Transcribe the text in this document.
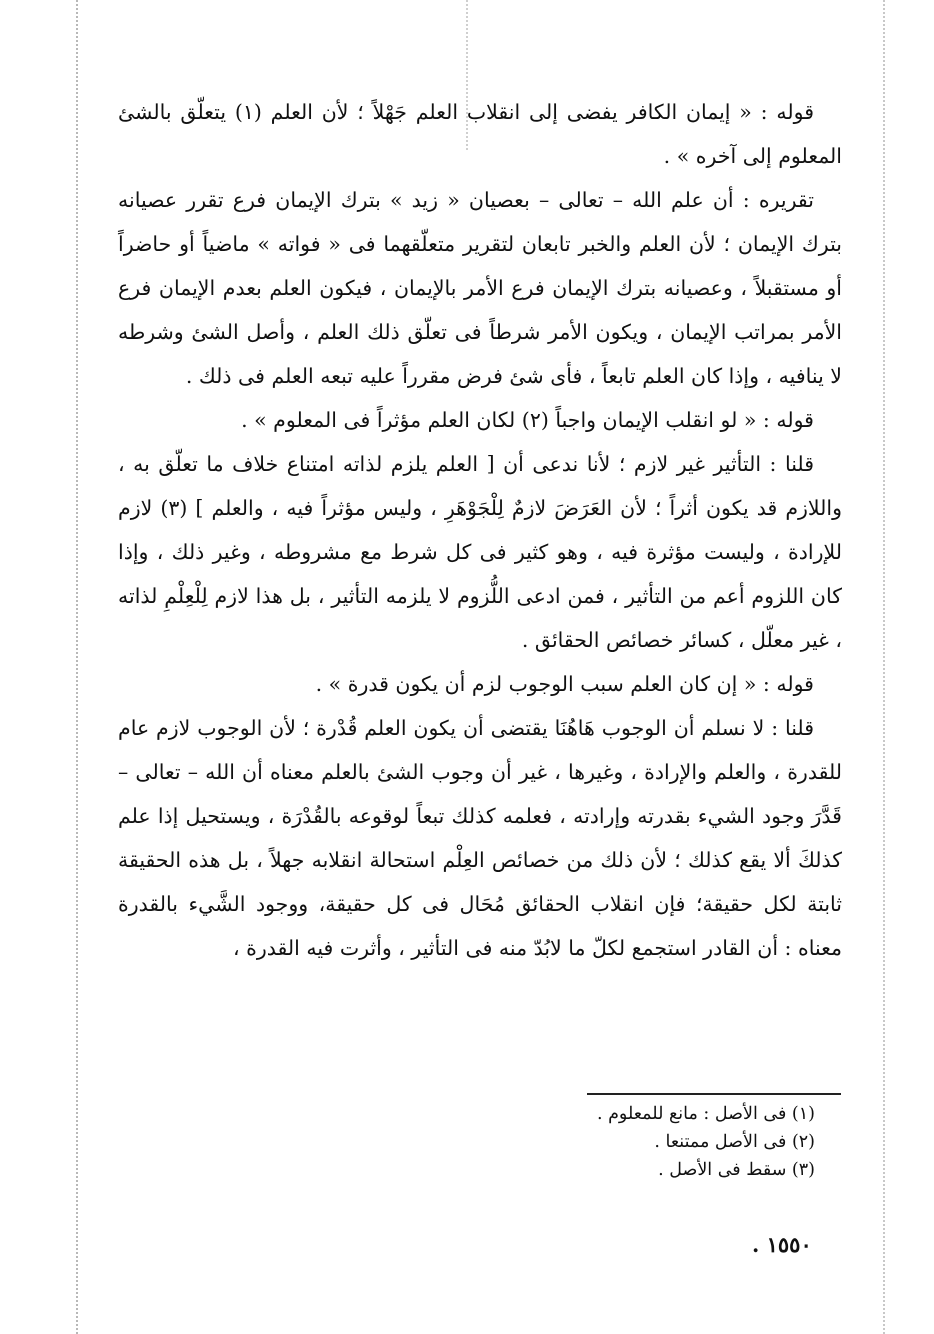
قوله : « إيمان الكافر يفضى إلى انقلاب العلم جَهْلاً ؛ لأن العلم (١) يتعلّق بالشئ المعلوم إلى آخره » .

تقريره : أن علم الله – تعالى – بعصيان « زيد » بترك الإيمان فرع تقرر عصيانه بترك الإيمان ؛ لأن العلم والخبر تابعان لتقرير متعلّقهما فى « فواته » ماضياً أو حاضراً أو مستقبلاً ، وعصيانه بترك الإيمان فرع الأمر بالإيمان ، فيكون العلم بعدم الإيمان فرع الأمر بمراتب الإيمان ، ويكون الأمر شرطاً فى تعلّق ذلك العلم ، وأصل الشئ وشرطه لا ينافيه ، وإذا كان العلم تابعاً ، فأى شئ فرض مقرراً عليه تبعه العلم فى ذلك .

قوله : « لو انقلب الإيمان واجباً (٢) لكان العلم مؤثراً فى المعلوم » .

قلنا : التأثير غير لازم ؛ لأنا ندعى أن [ العلم يلزم لذاته امتناع خلاف ما تعلّق به ، واللازم قد يكون أثراً ؛ لأن العَرَضَ لازمٌ لِلْجَوْهَرِ ، وليس مؤثراً فيه ، والعلم ] (٣) لازم للإرادة ، وليست مؤثرة فيه ، وهو كثير فى كل شرط مع مشروطه ، وغير ذلك ، وإذا كان اللزوم أعم من التأثير ، فمن ادعى اللُّزوم لا يلزمه التأثير ، بل هذا لازم لِلْعِلْمِ لذاته ، غير معلّل ، كسائر خصائص الحقائق .

قوله : « إن كان العلم سبب الوجوب لزم أن يكون قدرة » .

قلنا : لا نسلم أن الوجوب هَاهُنَا يقتضى أن يكون العلم قُدْرة ؛ لأن الوجوب لازم عام للقدرة ، والعلم والإرادة ، وغيرها ، غير أن وجوب الشئ بالعلم معناه أن الله – تعالى – قَدَّرَ وجود الشيء بقدرته وإرادته ، فعلمه كذلك تبعاً لوقوعه بالقُدْرَة ، ويستحيل إذا علم كذلكَ ألا يقع كذلك ؛ لأن ذلك من خصائص العِلْم استحالة انقلابه جهلاً ، بل هذه الحقيقة ثابتة لكل حقيقة؛ فإن انقلاب الحقائق مُحَال فى كل حقيقة، ووجود الشَّيء بالقدرة معناه : أن القادر استجمع لكلّ ما لابُدّ منه فى التأثير ، وأثرت فيه القدرة ،

(١) فى الأصل : مانع للمعلوم .
(٢) فى الأصل ممتنعا .
(٣) سقط فى الأصل .
١٥٥٠ .
